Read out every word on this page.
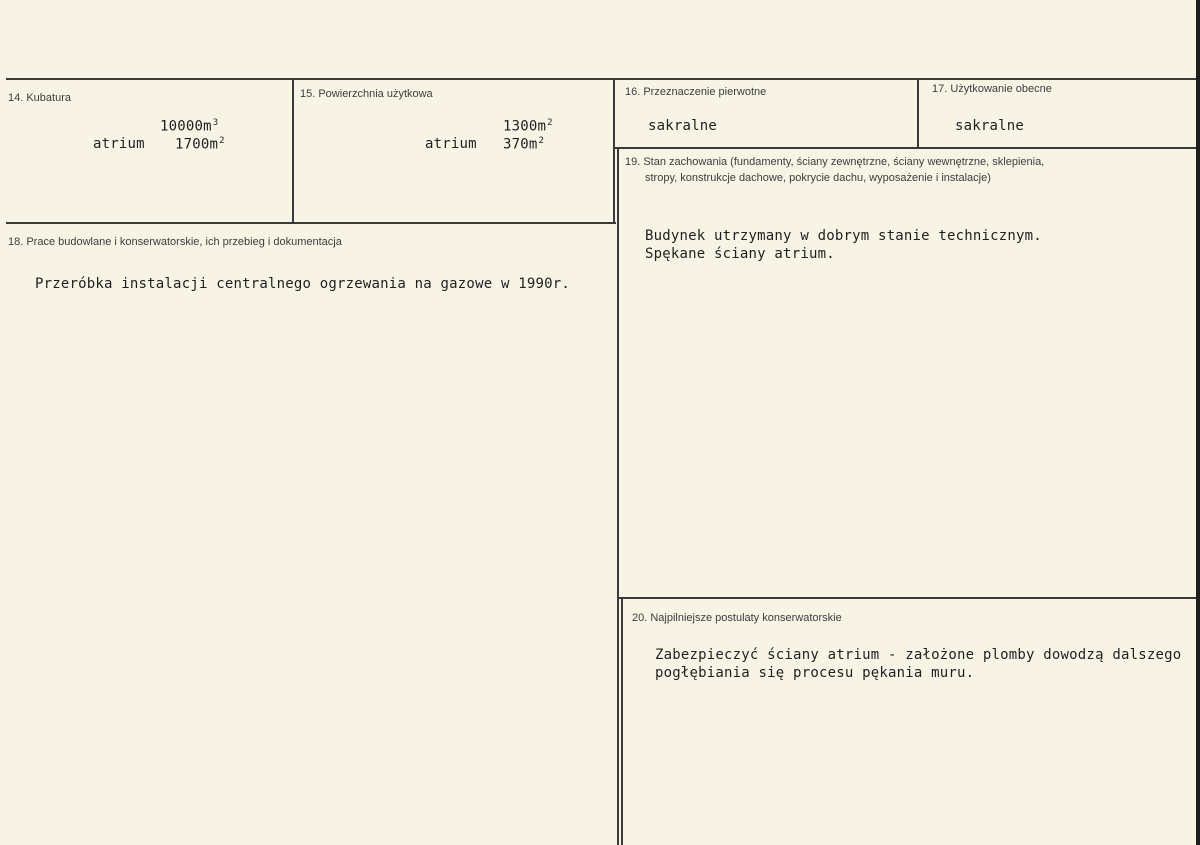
14. Kubatura
$10000m^3$
atrium $1700m^2$
15. Powierzchnia użytkowa
$1300m^2$
atrium $370m^2$
16. Przeznaczenie pierwotne
sakralne
17. Użytkowanie obecne
sakralne
18. Prace budowlane i konserwatorskie, ich przebieg i dokumentacja
Przeróbka instalacji centralnego ogrzewania na gazowe w 1990r.
19. Stan zachowania (fundamenty, ściany zewnętrzne, ściany wewnętrzne, sklepienia,
stropy, konstrukcje dachowe, pokrycie dachu, wyposażenie i instalacje)
Budynek utrzymany w dobrym stanie technicznym.
Spękane ściany atrium.
20. Najpilniejsze postulaty konserwatorskie
Zabezpieczyć ściany atrium - założone plomby dowodzą dalszego
pogłębiania się procesu pękania muru.
